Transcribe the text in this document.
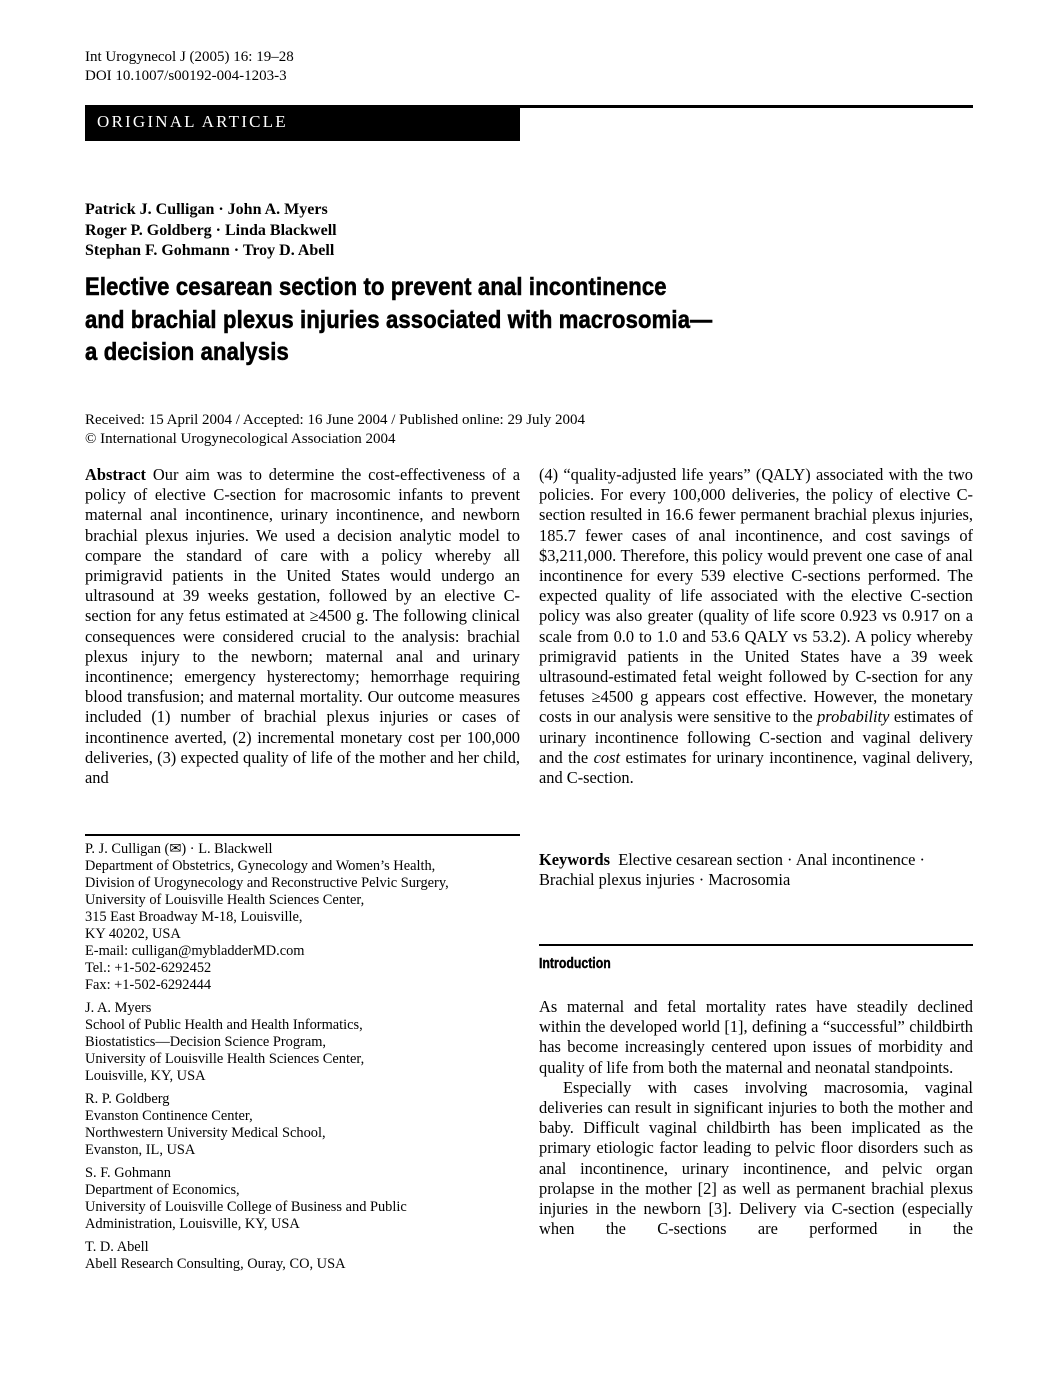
Int Urogynecol J (2005) 16: 19–28
DOI 10.1007/s00192-004-1203-3
ORIGINAL ARTICLE
Patrick J. Culligan · John A. Myers
Roger P. Goldberg · Linda Blackwell
Stephan F. Gohmann · Troy D. Abell
Elective cesarean section to prevent anal incontinence
and brachial plexus injuries associated with macrosomia—
a decision analysis
Received: 15 April 2004 / Accepted: 16 June 2004 / Published online: 29 July 2004
© International Urogynecological Association 2004
Abstract Our aim was to determine the cost-effectiveness of a policy of elective C-section for macrosomic infants to prevent maternal anal incontinence, urinary incontinence, and newborn brachial plexus injuries. We used a decision analytic model to compare the standard of care with a policy whereby all primigravid patients in the United States would undergo an ultrasound at 39 weeks gestation, followed by an elective C-section for any fetus estimated at ≥4500 g. The following clinical consequences were considered crucial to the analysis: brachial plexus injury to the newborn; maternal anal and urinary incontinence; emergency hysterectomy; hemorrhage requiring blood transfusion; and maternal mortality. Our outcome measures included (1) number of brachial plexus injuries or cases of incontinence averted, (2) incremental monetary cost per 100,000 deliveries, (3) expected quality of life of the mother and her child, and
(4) “quality-adjusted life years” (QALY) associated with the two policies. For every 100,000 deliveries, the policy of elective C-section resulted in 16.6 fewer permanent brachial plexus injuries, 185.7 fewer cases of anal incontinence, and cost savings of $3,211,000. Therefore, this policy would prevent one case of anal incontinence for every 539 elective C-sections performed. The expected quality of life associated with the elective C-section policy was also greater (quality of life score 0.923 vs 0.917 on a scale from 0.0 to 1.0 and 53.6 QALY vs 53.2). A policy whereby primigravid patients in the United States have a 39 week ultrasound-estimated fetal weight followed by C-section for any fetuses ≥4500 g appears cost effective. However, the monetary costs in our analysis were sensitive to the probability estimates of urinary incontinence following C-section and vaginal delivery and the cost estimates for urinary incontinence, vaginal delivery, and C-section.
P. J. Culligan (✉) · L. Blackwell
Department of Obstetrics, Gynecology and Women’s Health,
Division of Urogynecology and Reconstructive Pelvic Surgery,
University of Louisville Health Sciences Center,
315 East Broadway M-18, Louisville,
KY 40202, USA
E-mail: culligan@mybladderMD.com
Tel.: +1-502-6292452
Fax: +1-502-6292444
J. A. Myers
School of Public Health and Health Informatics,
Biostatistics—Decision Science Program,
University of Louisville Health Sciences Center,
Louisville, KY, USA
R. P. Goldberg
Evanston Continence Center,
Northwestern University Medical School,
Evanston, IL, USA
S. F. Gohmann
Department of Economics,
University of Louisville College of Business and Public
Administration, Louisville, KY, USA
T. D. Abell
Abell Research Consulting, Ouray, CO, USA
Keywords Elective cesarean section · Anal incontinence · Brachial plexus injuries · Macrosomia
Introduction

As maternal and fetal mortality rates have steadily declined within the developed world [1], defining a “successful” childbirth has become increasingly centered upon issues of morbidity and quality of life from both the maternal and neonatal standpoints.

Especially with cases involving macrosomia, vaginal deliveries can result in significant injuries to both the mother and baby. Difficult vaginal childbirth has been implicated as the primary etiologic factor leading to pelvic floor disorders such as anal incontinence, urinary incontinence, and pelvic organ prolapse in the mother [2] as well as permanent brachial plexus injuries in the newborn [3]. Delivery via C-section (especially when the C-sections are performed in the
